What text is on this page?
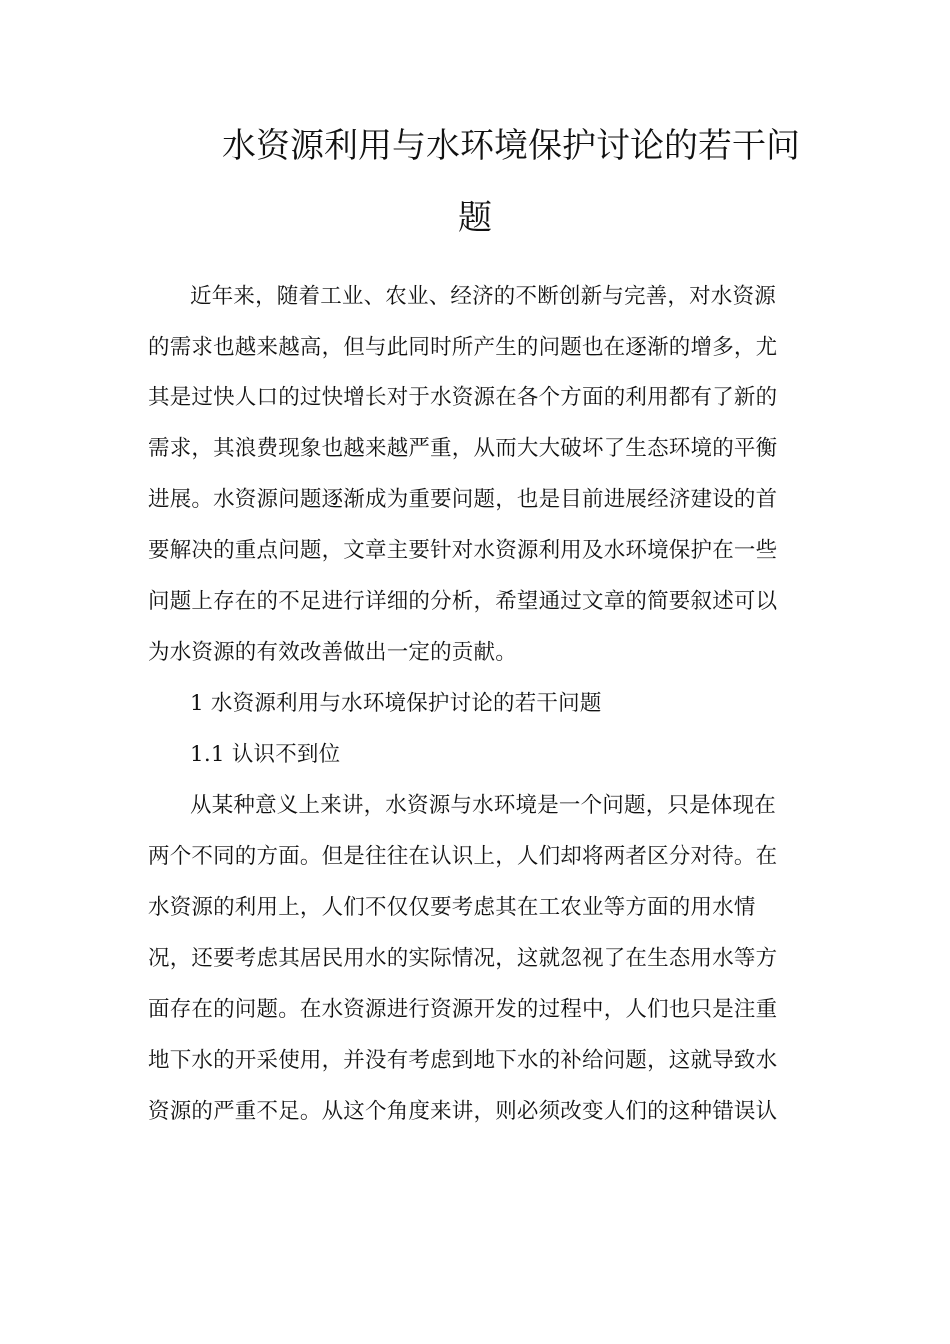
水资源利用与水环境保护讨论的若干问
题

近年来，随着工业、农业、经济的不断创新与完善，对水资源

的需求也越来越高，但与此同时所产生的问题也在逐渐的增多，尤

其是过快人口的过快增长对于水资源在各个方面的利用都有了新的

需求，其浪费现象也越来越严重，从而大大破坏了生态环境的平衡

进展。水资源问题逐渐成为重要问题，也是目前进展经济建设的首

要解决的重点问题，文章主要针对水资源利用及水环境保护在一些

问题上存在的不足进行详细的分析，希望通过文章的简要叙述可以

为水资源的有效改善做出一定的贡献。

1 水资源利用与水环境保护讨论的若干问题

1.1 认识不到位

从某种意义上来讲，水资源与水环境是一个问题，只是体现在

两个不同的方面。但是往往在认识上，人们却将两者区分对待。在

水资源的利用上，人们不仅仅要考虑其在工农业等方面的用水情

况，还要考虑其居民用水的实际情况，这就忽视了在生态用水等方

面存在的问题。在水资源进行资源开发的过程中，人们也只是注重

地下水的开采使用，并没有考虑到地下水的补给问题，这就导致水

资源的严重不足。从这个角度来讲，则必须改变人们的这种错误认
